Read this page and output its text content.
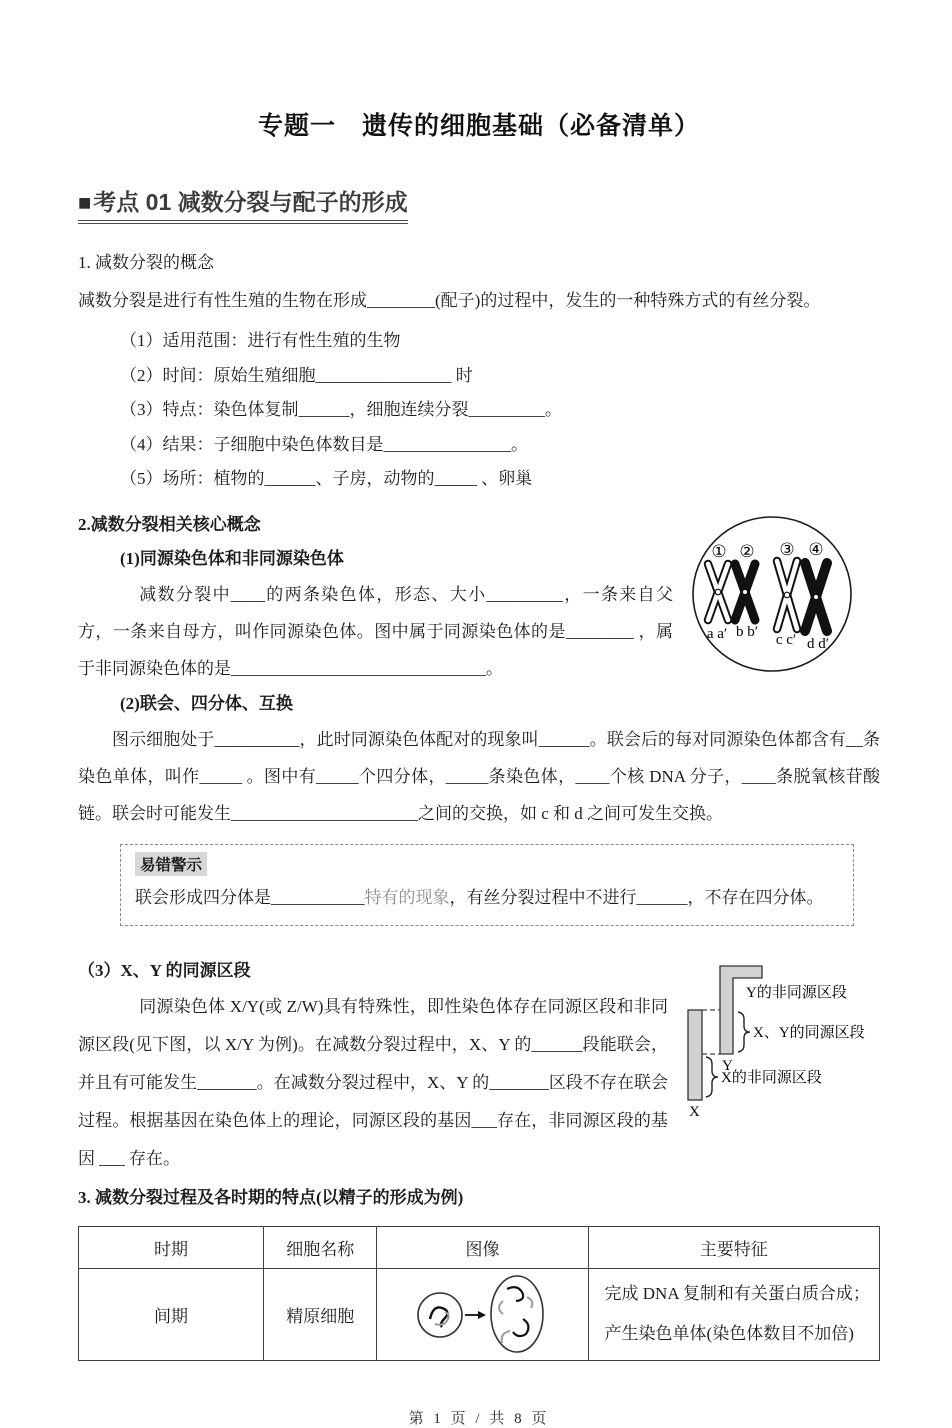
专题一　遗传的细胞基础（必备清单）
■考点 01 减数分裂与配子的形成

1. 减数分裂的概念

减数分裂是进行有性生殖的生物在形成________(配子)的过程中，发生的一种特殊方式的有丝分裂。

（1）适用范围：进行有性生殖的生物

（2）时间：原始生殖细胞________________ 时

（3）特点：染色体复制______，细胞连续分裂_________。

（4）结果：子细胞中染色体数目是_______________。

（5）场所：植物的______、子房，动物的_____ 、卵巢

① ② ③ ④
a a′ b b′ c c′ d d′

2.减数分裂相关核心概念

(1)同源染色体和非同源染色体

减数分裂中____的两条染色体，形态、大小_________，一条来自父方，一条来自母方，叫作同源染色体。图中属于同源染色体的是________ ，属于非同源染色体的是______________________________。

(2)联会、四分体、互换

图示细胞处于__________，此时同源染色体配对的现象叫______。联会后的每对同源染色体都含有__条染色单体，叫作_____ 。图中有_____个四分体，_____条染色体，____个核 DNA 分子，____条脱氧核苷酸链。联会时可能发生______________________之间的交换，如 c 和 d 之间可发生交换。

易错警示

联会形成四分体是___________特有的现象，有丝分裂过程中不进行______，不存在四分体。

Y的非同源区段
X、Y的同源区段
X的非同源区段
Y
X

（3）X、Y 的同源区段

同源染色体 X/Y(或 Z/W)具有特殊性，即性染色体存在同源区段和非同源区段(见下图，以 X/Y 为例)。在减数分裂过程中，X、Y 的______段能联会，并且有可能发生_______。在减数分裂过程中，X、Y 的_______区段不存在联会过程。根据基因在染色体上的理论，同源区段的基因___存在，非同源区段的基因 ___ 存在。

3. 减数分裂过程及各时期的特点(以精子的形成为例)

时期	细胞名称	图像	主要特征
间期	精原细胞		完成 DNA 复制和有关蛋白质合成；
产生染色单体(染色体数目不加倍)

第 1 页 / 共 8 页
